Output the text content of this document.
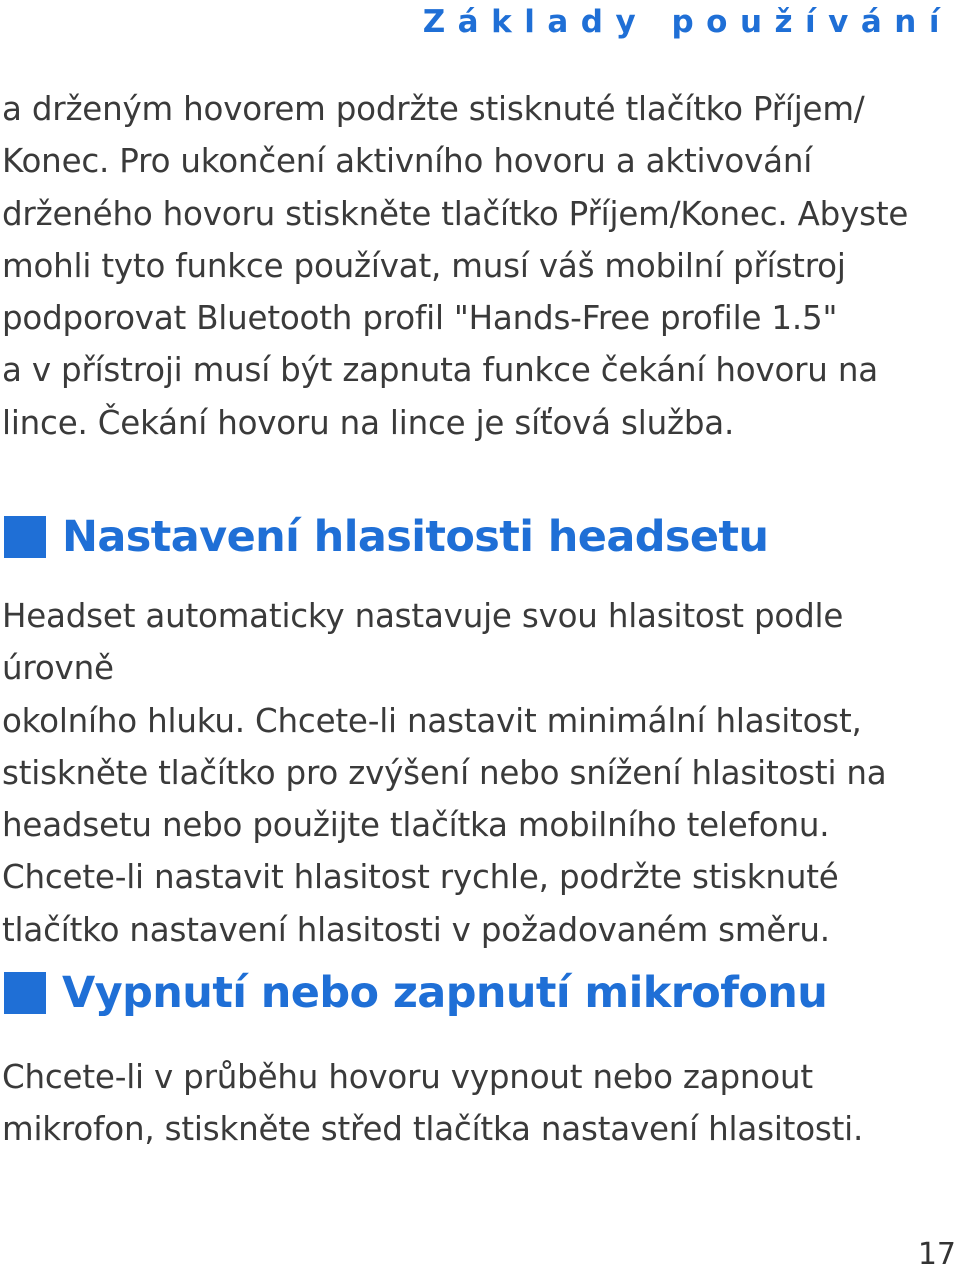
Základy používání

a drženým hovorem podržte stisknuté tlačítko Příjem/
Konec. Pro ukončení aktivního hovoru a aktivování
drženého hovoru stiskněte tlačítko Příjem/Konec. Abyste
mohli tyto funkce používat, musí váš mobilní přístroj
podporovat Bluetooth profil "Hands-Free profile 1.5"
a v přístroji musí být zapnuta funkce čekání hovoru na
lince. Čekání hovoru na lince je síťová služba.

Nastavení hlasitosti headsetu

Headset automaticky nastavuje svou hlasitost podle úrovně
okolního hluku. Chcete-li nastavit minimální hlasitost,
stiskněte tlačítko pro zvýšení nebo snížení hlasitosti na
headsetu nebo použijte tlačítka mobilního telefonu.
Chcete-li nastavit hlasitost rychle, podržte stisknuté
tlačítko nastavení hlasitosti v požadovaném směru.

Vypnutí nebo zapnutí mikrofonu

Chcete-li v průběhu hovoru vypnout nebo zapnout
mikrofon, stiskněte střed tlačítka nastavení hlasitosti.

17
